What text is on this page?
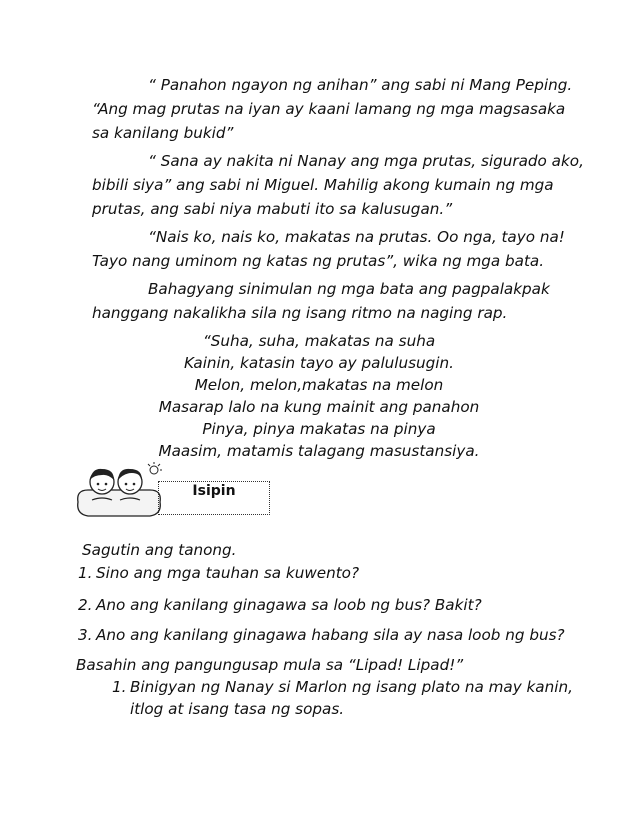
“ Panahon ngayon ng anihan” ang sabi ni Mang Peping.
“Ang mag prutas na iyan ay kaani lamang ng mga magsasaka
sa kanilang bukid”
“ Sana ay nakita ni Nanay ang mga prutas, sigurado ako,
bibili siya” ang sabi ni Miguel. Mahilig akong kumain ng mga
prutas, ang sabi niya mabuti ito sa kalusugan.”
“Nais ko, nais ko, makatas na prutas. Oo nga, tayo na!
Tayo nang uminom ng katas ng prutas”, wika ng mga bata.
Bahagyang sinimulan ng mga bata ang pagpalakpak
hanggang nakalikha sila ng isang ritmo na naging rap.
“Suha, suha, makatas na suha
Kainin, katasin tayo ay palulusugin.
Melon, melon,makatas na melon
Masarap lalo na kung mainit ang panahon
Pinya, pinya makatas na pinya
Maasim, matamis talagang masustansiya.
Isipin
Sagutin ang tanong.
1. Sino ang mga tauhan sa kuwento?
2. Ano ang kanilang ginagawa sa loob ng bus? Bakit?
3. Ano ang kanilang ginagawa habang sila ay nasa loob ng bus?
Basahin ang pangungusap mula sa “Lipad! Lipad!”
1. Binigyan ng Nanay si Marlon ng isang plato na may kanin,
itlog at isang tasa ng sopas.
